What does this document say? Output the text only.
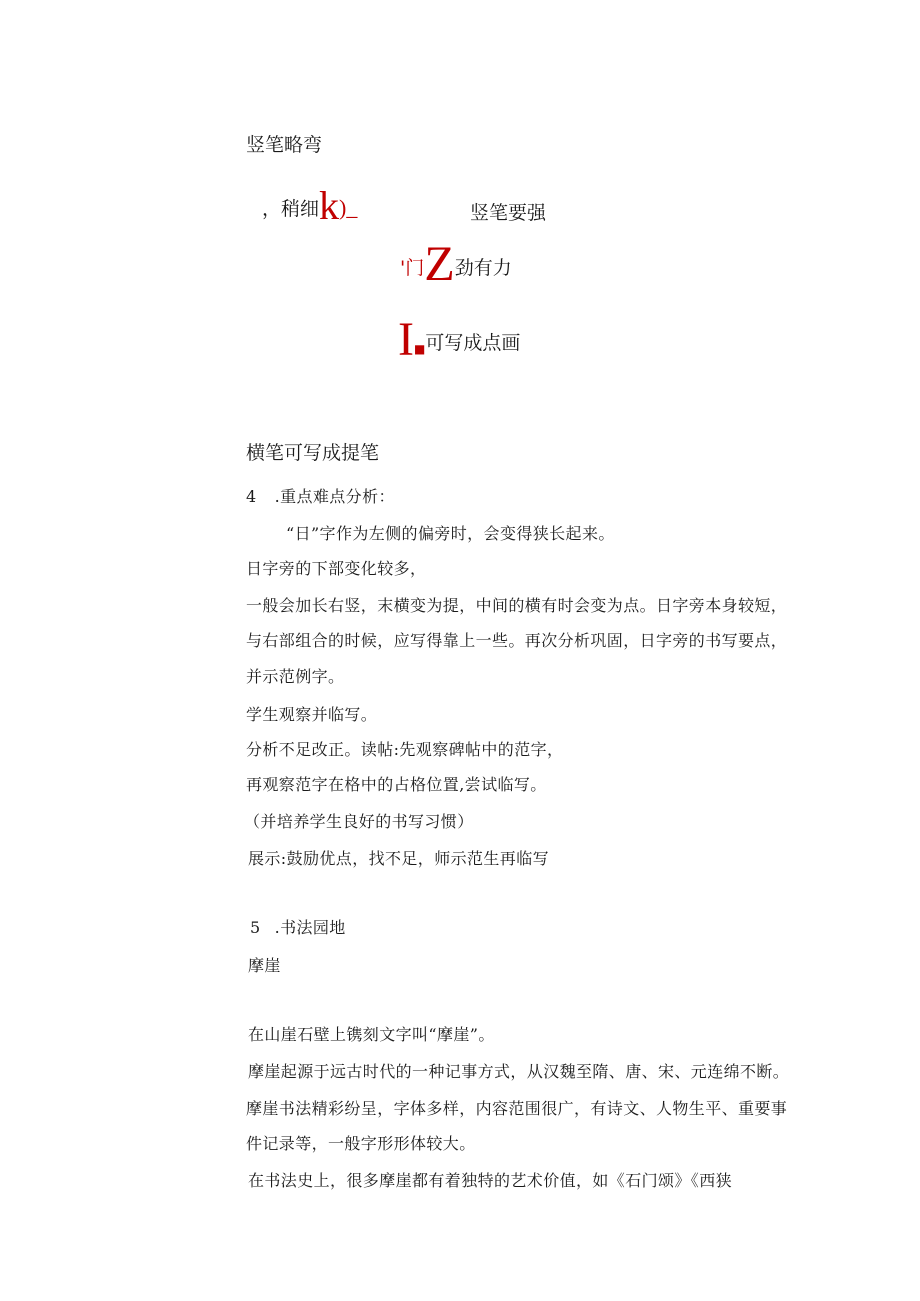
竖笔略弯
，稍细k)_	竖笔要强
'门Z劲有力
I■可写成点画
横笔可写成提笔
4 .重点难点分析：
“日”字作为左侧的偏旁时，会变得狭长起来。
日字旁的下部变化较多，
一般会加长右竖，末横变为提，中间的横有时会变为点。日字旁本身较短，
与右部组合的时候，应写得靠上一些。再次分析巩固，日字旁的书写要点，
并示范例字。
学生观察并临写。
分析不足改正。读帖:先观察碑帖中的范字，
再观察范字在格中的占格位置,尝试临写。
（并培养学生良好的书写习惯）
展示:鼓励优点，找不足，师示范生再临写
5 .书法园地
摩崖
在山崖石壁上镌刻文字叫“摩崖”。
摩崖起源于远古时代的一种记事方式，从汉魏至隋、唐、宋、元连绵不断。
摩崖书法精彩纷呈，字体多样，内容范围很广，有诗文、人物生平、重要事
件记录等，一般字形形体较大。
在书法史上，很多摩崖都有着独特的艺术价值，如《石门颂》《西狭
